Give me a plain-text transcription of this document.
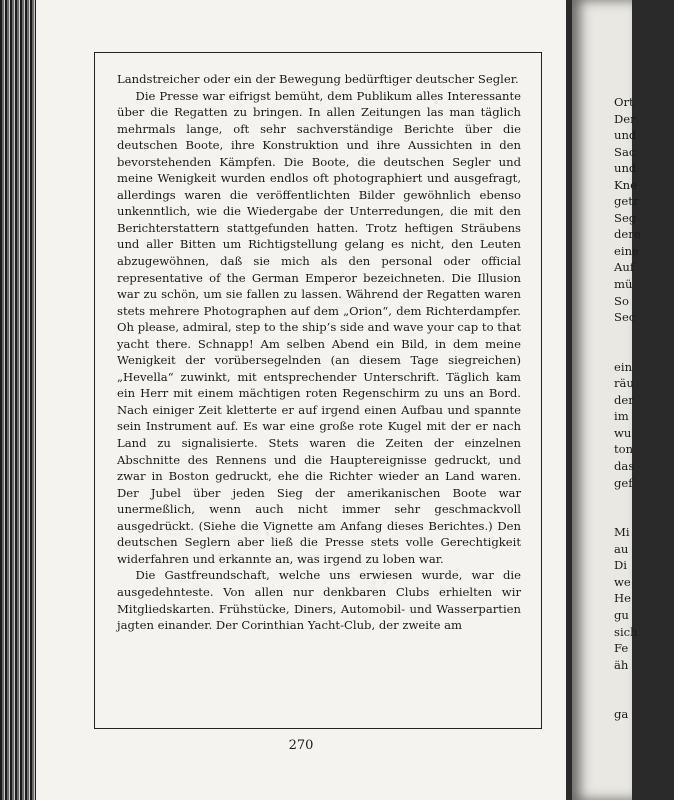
Landstreicher oder ein der Bewegung bedürftiger deutscher Segler.

Die Presse war eifrigst bemüht, dem Publikum alles Interessante über die Regatten zu bringen. In allen Zeitungen las man täglich mehrmals lange, oft sehr sachverständige Berichte über die deutschen Boote, ihre Konstruktion und ihre Aussichten in den bevorstehenden Kämpfen. Die Boote, die deutschen Segler und meine Wenigkeit wurden endlos oft photographiert und ausgefragt, allerdings waren die veröffentlichten Bilder gewöhnlich ebenso unkenntlich, wie die Wiedergabe der Unterredungen, die mit den Berichterstattern stattgefunden hatten. Trotz heftigen Sträubens und aller Bitten um Richtigstellung gelang es nicht, den Leuten abzugewöhnen, daß sie mich als den personal oder official representative of the German Emperor bezeichneten. Die Illusion war zu schön, um sie fallen zu lassen. Während der Regatten waren stets mehrere Photographen auf dem „Orion“, dem Richterdampfer. Oh please, admiral, step to the ship’s side and wave your cap to that yacht there. Schnapp! Am selben Abend ein Bild, in dem meine Wenigkeit der vorübersegelnden (an diesem Tage siegreichen) „Hevella“ zuwinkt, mit entsprechender Unterschrift. Täglich kam ein Herr mit einem mächtigen roten Regenschirm zu uns an Bord. Nach einiger Zeit kletterte er auf irgend einen Aufbau und spannte sein Instrument auf. Es war eine große rote Kugel mit der er nach Land zu signalisierte. Stets waren die Zeiten der einzelnen Abschnitte des Rennens und die Hauptereignisse gedruckt, und zwar in Boston gedruckt, ehe die Richter wieder an Land waren. Der Jubel über jeden Sieg der amerikanischen Boote war unermeßlich, wenn auch nicht immer sehr geschmackvoll ausgedrückt. (Siehe die Vignette am Anfang dieses Berichtes.) Den deutschen Seglern aber ließ die Presse stets volle Gerechtigkeit widerfahren und erkannte an, was irgend zu loben war.

Die Gastfreundschaft, welche uns erwiesen wurde, war die ausgedehnteste. Von allen nur denkbaren Clubs erhielten wir Mitgliedskarten. Frühstücke, Diners, Automobil- und Wasserpartien jagten einander. Der Corinthian Yacht-Club, der zweite am

270
Ort
Der
und
Sac
und
Kne
getr
Seg
dere
eine
Auf
mü
So
Sec
ein
räu
der
im
wu
ton
das
gef
Mi
au
Di
we
He
gu
sich
Fe
äh
ga
